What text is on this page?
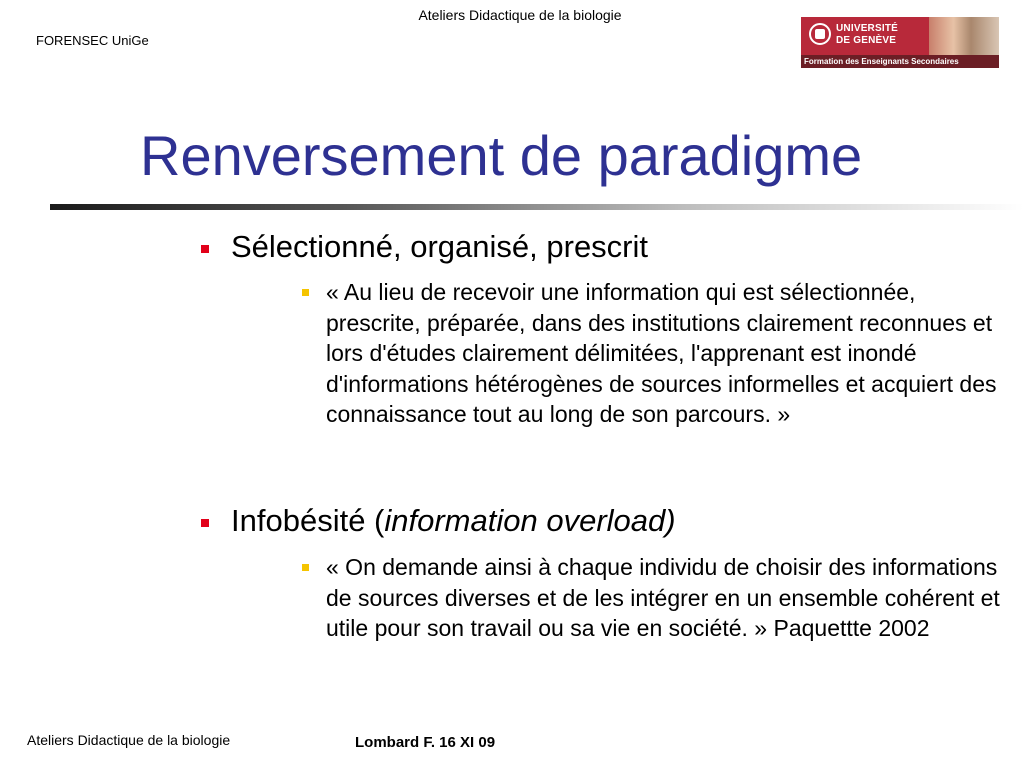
Ateliers Didactique de la biologie
FORENSEC UniGe
UNIVERSITÉ
DE GENÈVE
Formation des Enseignants Secondaires
Renversement de paradigme
Sélectionné, organisé, prescrit
« Au lieu de recevoir une information qui est sélectionnée, prescrite, préparée, dans des institutions clairement reconnues et lors d'études clairement délimitées, l'apprenant est inondé d'informations hétérogènes de sources informelles et acquiert des connaissance tout au long de son parcours. »
Infobésité (information overload)
« On demande ainsi à chaque individu de choisir des informations de sources diverses et de les intégrer en un ensemble cohérent et utile pour son travail ou sa vie en société. » Paquettte 2002
Ateliers Didactique de la biologie	Lombard F. 16 XI 09
